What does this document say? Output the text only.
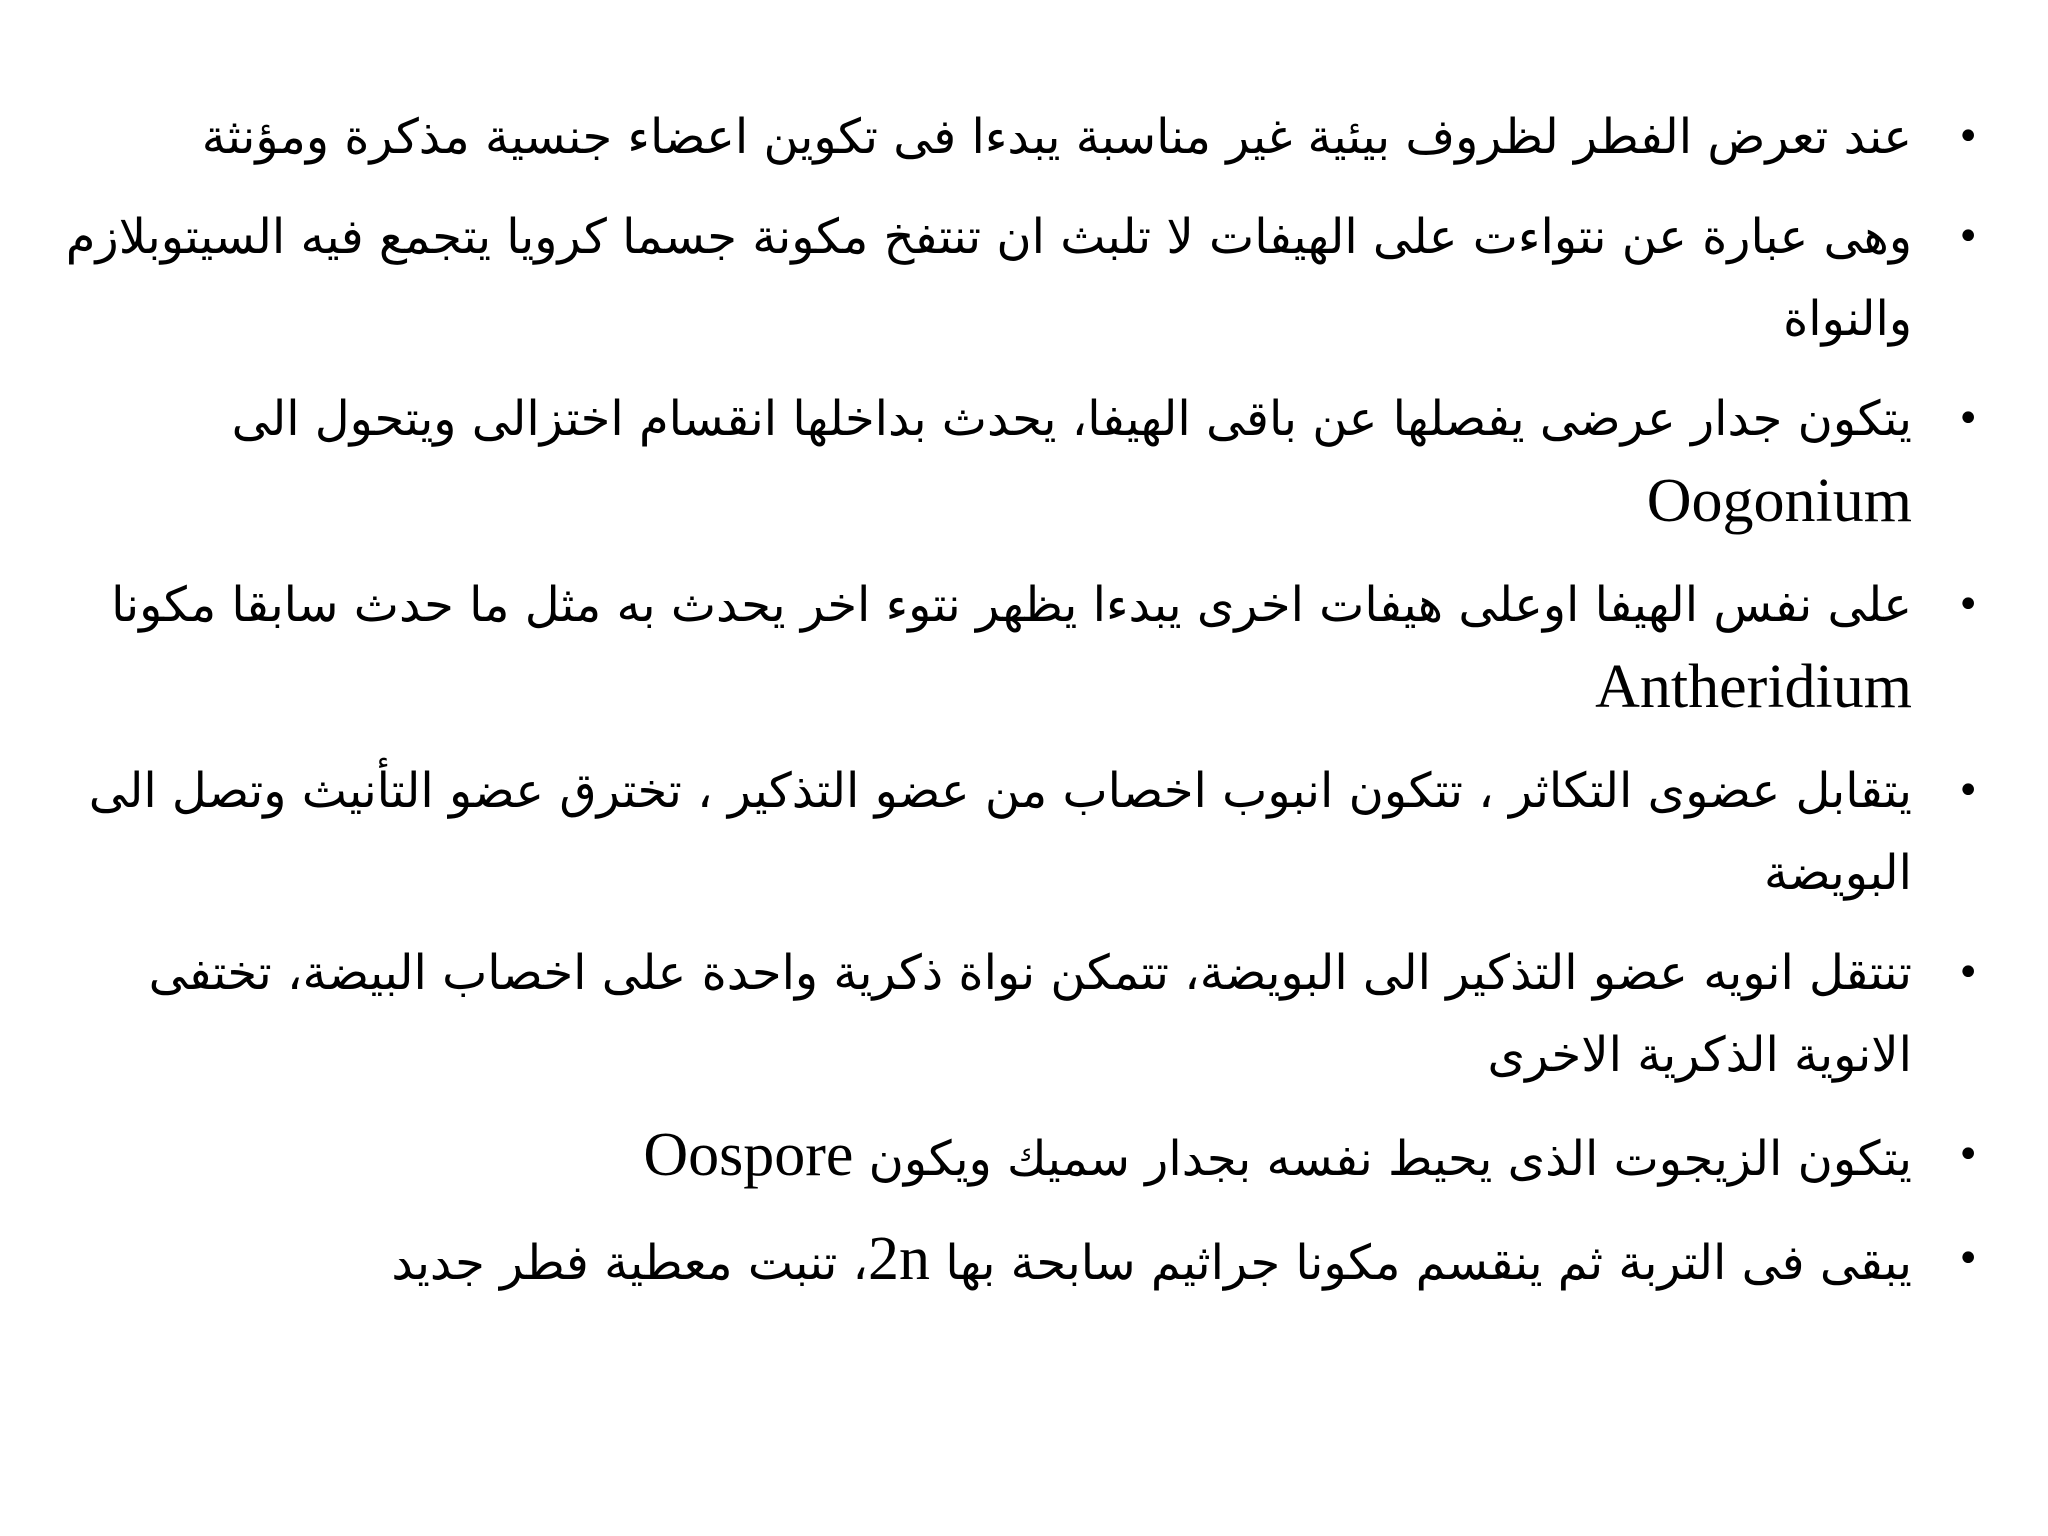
•
عند تعرض الفطر لظروف بيئية غير مناسبة يبدءا فى تكوين اعضاء جنسية مذكرة ومؤنثة
•
وهى عبارة عن نتواءت على الهيفات لا تلبث ان تنتفخ مكونة جسما كرويا يتجمع فيه السيتوبلازم والنواة
•
يتكون جدار عرضى يفصلها عن باقى الهيفا، يحدث بداخلها انقسام اختزالى ويتحول الى Oogonium
•
على نفس الهيفا اوعلى هيفات اخرى يبدءا يظهر نتوء اخر يحدث به مثل ما حدث سابقا مكونا Antheridium
•
يتقابل عضوى التكاثر ، تتكون انبوب اخصاب من عضو التذكير ، تخترق عضو التأنيث وتصل الى البويضة
•
تنتقل انويه عضو التذكير الى البويضة، تتمكن نواة ذكرية واحدة على اخصاب البيضة، تختفى الانوية الذكرية الاخرى
•
يتكون الزيجوت الذى يحيط نفسه بجدار سميك ويكون Oospore
•
يبقى فى التربة ثم ينقسم مكونا جراثيم سابحة بها 2n، تنبت معطية فطر جديد
